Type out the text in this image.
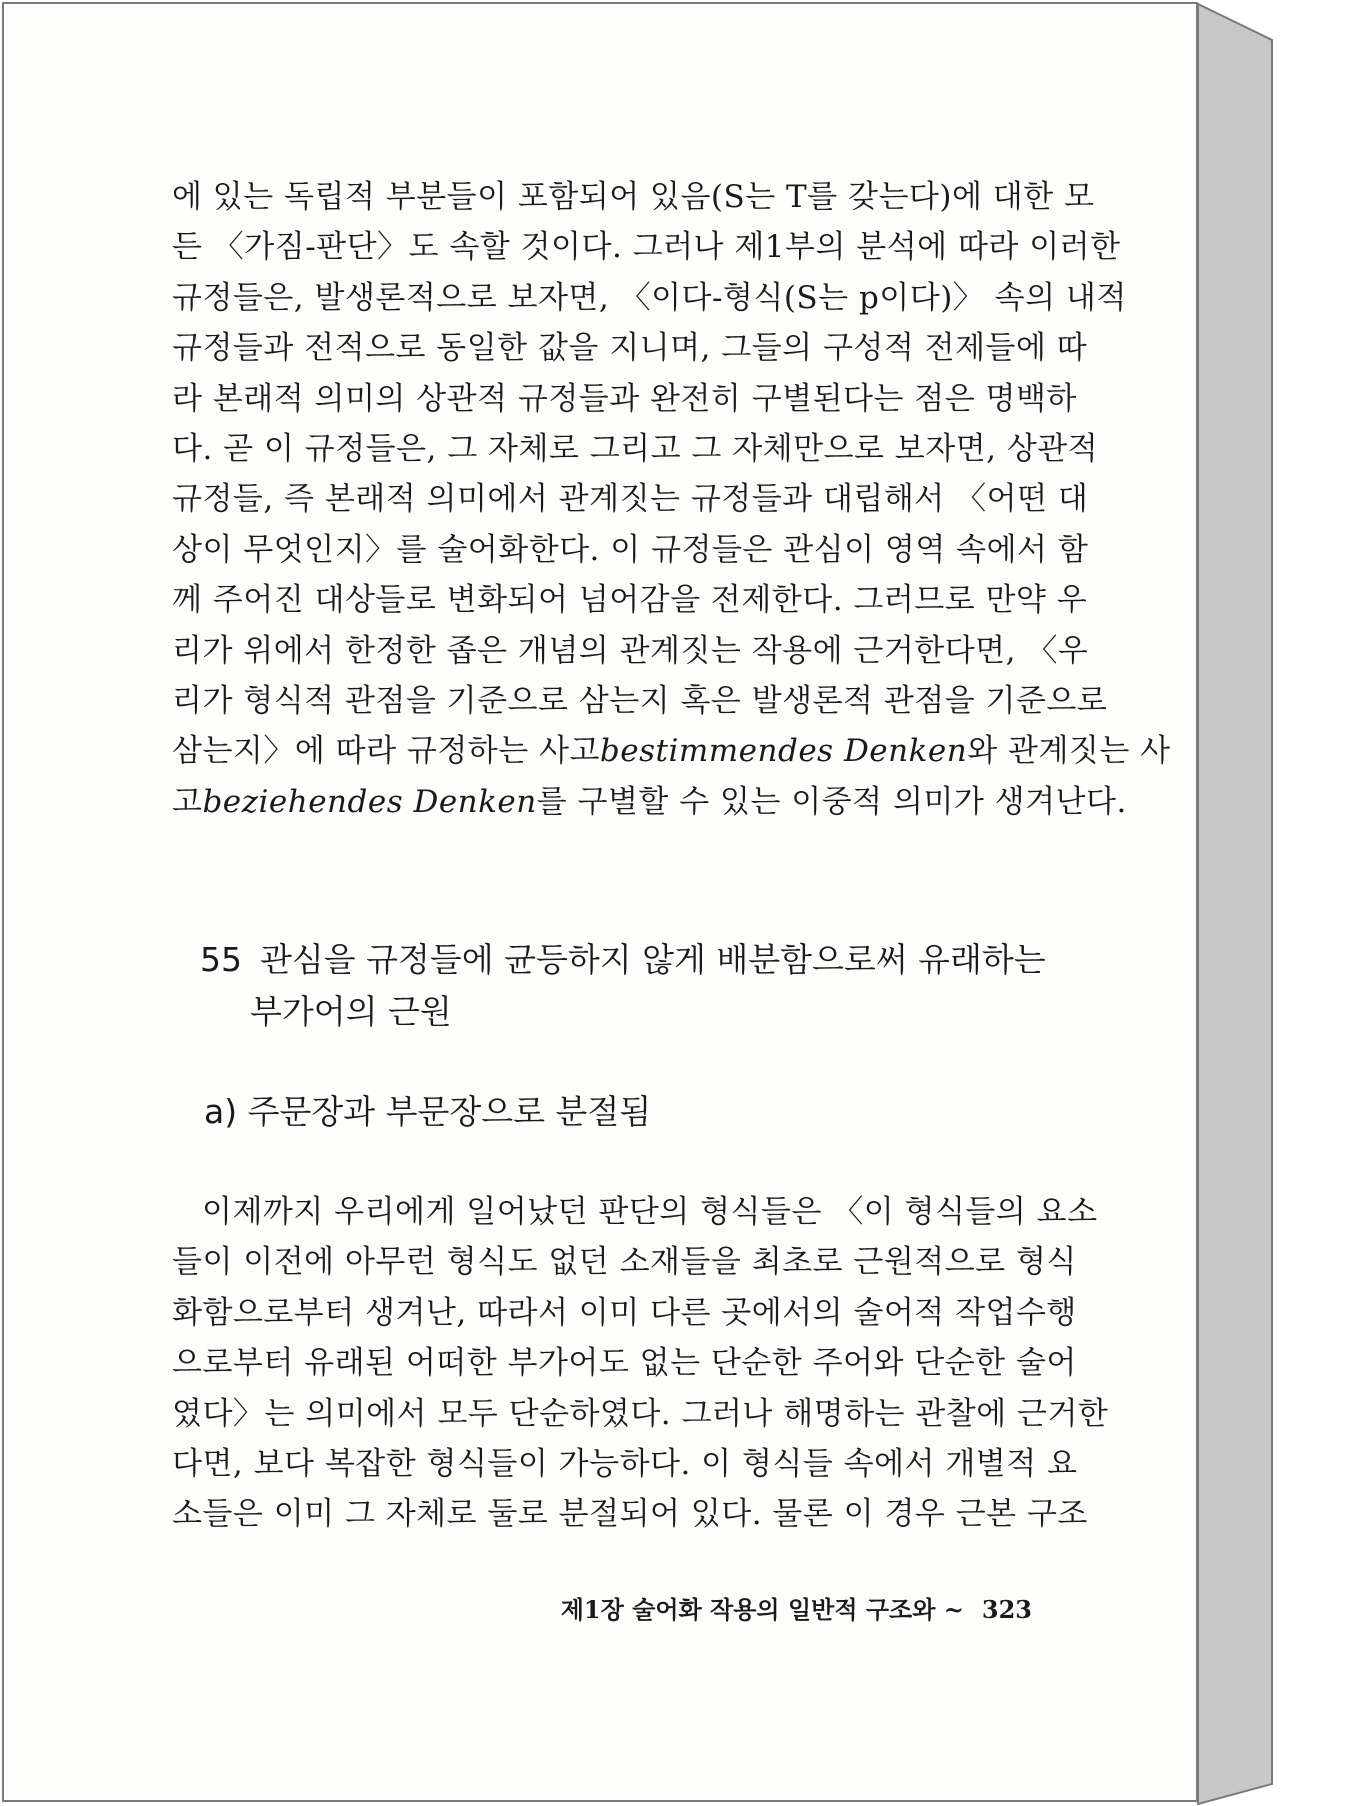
에 있는 독립적 부분들이 포함되어 있음(S는 T를 갖는다)에 대한 모
든 〈가짐-판단〉도 속할 것이다. 그러나 제1부의 분석에 따라 이러한
규정들은, 발생론적으로 보자면, 〈이다-형식(S는 p이다)〉 속의 내적
규정들과 전적으로 동일한 값을 지니며, 그들의 구성적 전제들에 따
라 본래적 의미의 상관적 규정들과 완전히 구별된다는 점은 명백하
다. 곧 이 규정들은, 그 자체로 그리고 그 자체만으로 보자면, 상관적
규정들, 즉 본래적 의미에서 관계짓는 규정들과 대립해서 〈어떤 대
상이 무엇인지〉를 술어화한다. 이 규정들은 관심이 영역 속에서 함
께 주어진 대상들로 변화되어 넘어감을 전제한다. 그러므로 만약 우
리가 위에서 한정한 좁은 개념의 관계짓는 작용에 근거한다면, 〈우
리가 형식적 관점을 기준으로 삼는지 혹은 발생론적 관점을 기준으로
삼는지〉에 따라 규정하는 사고bestimmendes Denken와 관계짓는 사
고beziehendes Denken를 구별할 수 있는 이중적 의미가 생겨난다.

55 관심을 규정들에 균등하지 않게 배분함으로써 유래하는
부가어의 근원
a) 주문장과 부문장으로 분절됨

이제까지 우리에게 일어났던 판단의 형식들은 〈이 형식들의 요소
들이 이전에 아무런 형식도 없던 소재들을 최초로 근원적으로 형식
화함으로부터 생겨난, 따라서 이미 다른 곳에서의 술어적 작업수행
으로부터 유래된 어떠한 부가어도 없는 단순한 주어와 단순한 술어
였다〉는 의미에서 모두 단순하였다. 그러나 해명하는 관찰에 근거한
다면, 보다 복잡한 형식들이 가능하다. 이 형식들 속에서 개별적 요
소들은 이미 그 자체로 둘로 분절되어 있다. 물론 이 경우 근본 구조

제1장 술어화 작용의 일반적 구조와 ~ 323
